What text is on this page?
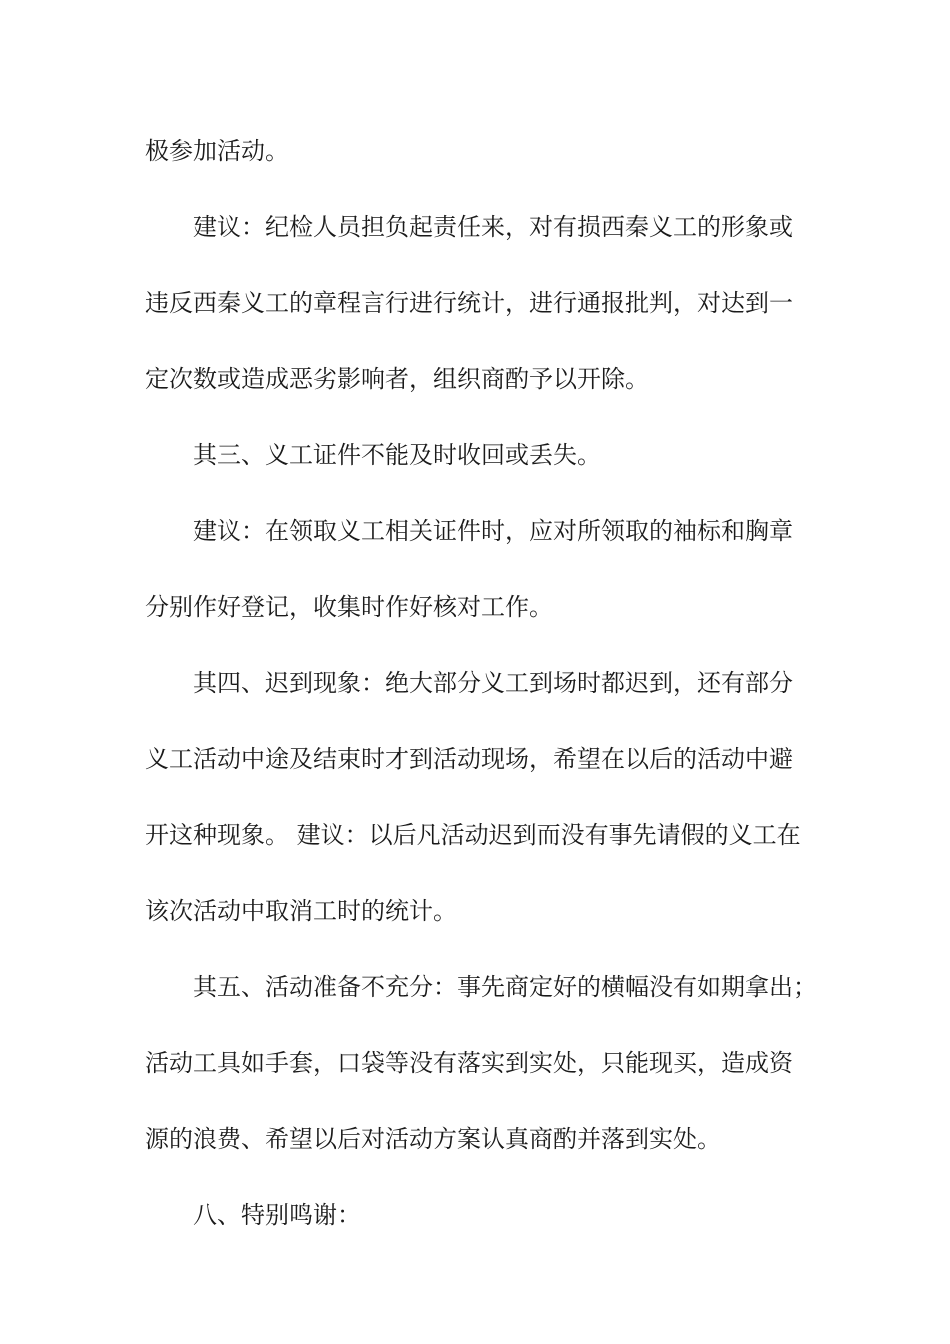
极参加活动。
建议：纪检人员担负起责任来，对有损西秦义工的形象或
违反西秦义工的章程言行进行统计，进行通报批判，对达到一
定次数或造成恶劣影响者，组织商酌予以开除。
其三、义工证件不能及时收回或丢失。
建议：在领取义工相关证件时，应对所领取的袖标和胸章
分别作好登记，收集时作好核对工作。
其四、迟到现象：绝大部分义工到场时都迟到，还有部分
义工活动中途及结束时才到活动现场，希望在以后的活动中避
开这种现象。 建议：以后凡活动迟到而没有事先请假的义工在
该次活动中取消工时的统计。
其五、活动准备不充分：事先商定好的横幅没有如期拿出；
活动工具如手套，口袋等没有落实到实处，只能现买，造成资
源的浪费、希望以后对活动方案认真商酌并落到实处。
八、特别鸣谢：
